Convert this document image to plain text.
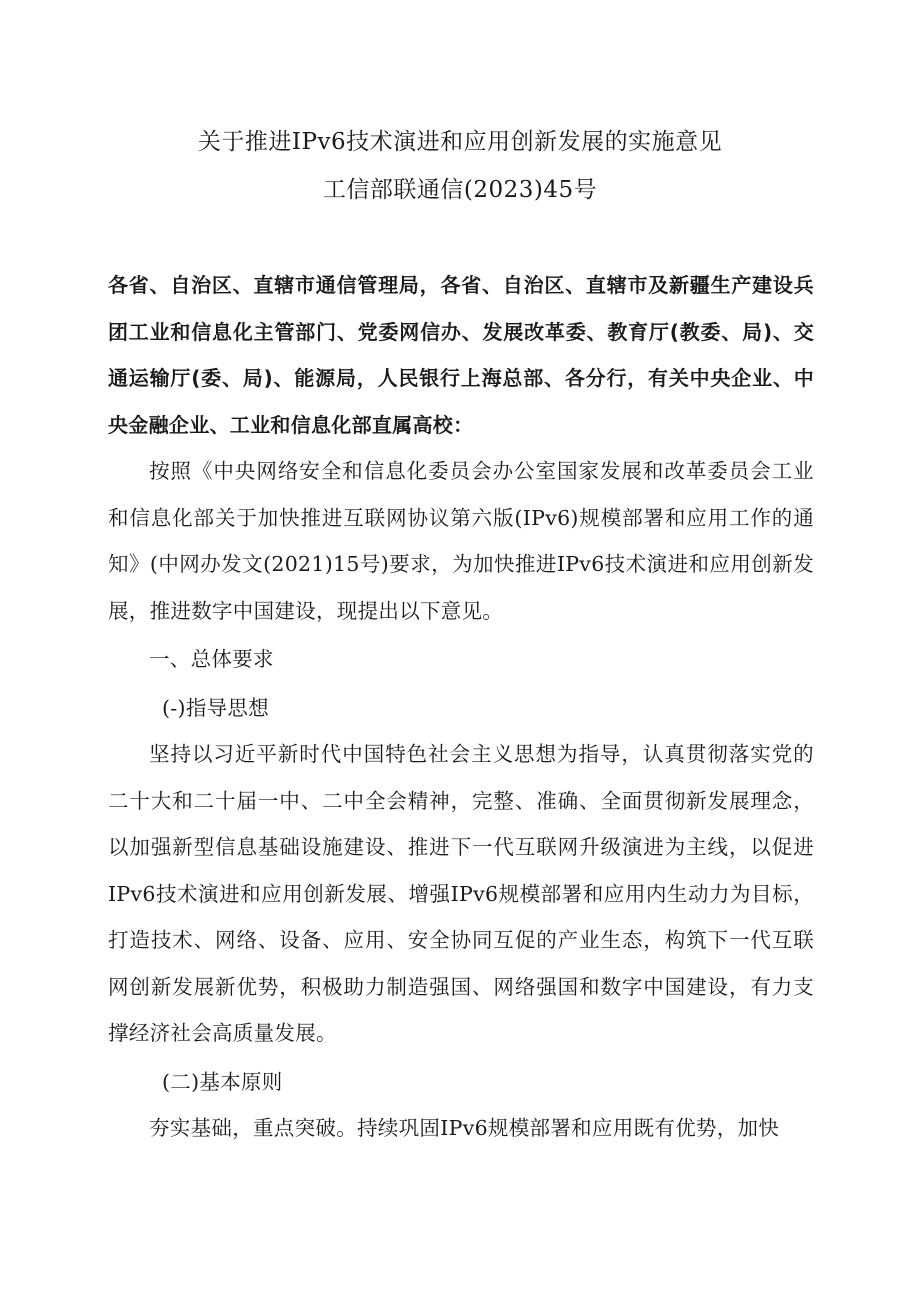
关于推进IPv6技术演进和应用创新发展的实施意见
工信部联通信(2023)45号

各省、自治区、直辖市通信管理局，各省、自治区、直辖市及新疆生产建设兵团工业和信息化主管部门、党委网信办、发展改革委、教育厅(教委、局)、交通运输厅(委、局)、能源局，人民银行上海总部、各分行，有关中央企业、中央金融企业、工业和信息化部直属高校：

按照《中央网络安全和信息化委员会办公室国家发展和改革委员会工业和信息化部关于加快推进互联网协议第六版(IPv6)规模部署和应用工作的通知》(中网办发文(2021)15号)要求，为加快推进IPv6技术演进和应用创新发展，推进数字中国建设，现提出以下意见。

一、总体要求

(-)指导思想

坚持以习近平新时代中国特色社会主义思想为指导，认真贯彻落实党的二十大和二十届一中、二中全会精神，完整、准确、全面贯彻新发展理念，以加强新型信息基础设施建设、推进下一代互联网升级演进为主线，以促进IPv6技术演进和应用创新发展、增强IPv6规模部署和应用内生动力为目标，打造技术、网络、设备、应用、安全协同互促的产业生态，构筑下一代互联网创新发展新优势，积极助力制造强国、网络强国和数字中国建设，有力支撑经济社会高质量发展。

(二)基本原则

夯实基础，重点突破。持续巩固IPv6规模部署和应用既有优势，加快
